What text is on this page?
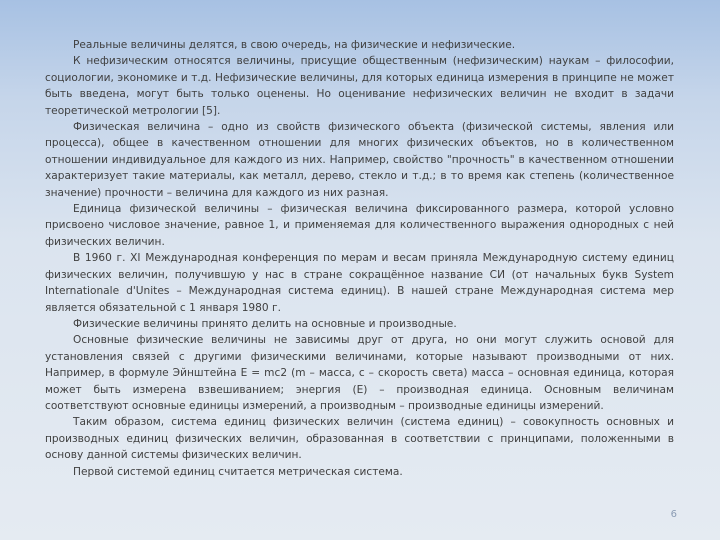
Реальные величины делятся, в свою очередь, на физические и нефизические.

К нефизическим относятся величины, присущие общественным (нефизическим) наукам – философии, социологии, экономике и т.д. Нефизические величины, для которых единица измерения в принципе не может быть введена, могут быть только оценены. Но оценивание нефизических величин не входит в задачи теоретической метрологии [5].

Физическая величина – одно из свойств физического объекта (физической системы, явления или процесса), общее в качественном отношении для многих физических объектов, но в количественном отношении индивидуальное для каждого из них. Например, свойство "прочность" в качественном отношении характеризует такие материалы, как металл, дерево, стекло и т.д.; в то время как степень (количественное значение) прочности – величина для каждого из них разная.

Единица физической величины – физическая величина фиксированного размера, которой условно присвоено числовое значение, равное 1, и применяемая для количественного выражения однородных с ней физических величин.

В 1960 г. XI Международная конференция по мерам и весам приняла Международную систему единиц физических величин, получившую у нас в стране сокращённое название СИ (от начальных букв System Internationale d'Unites – Международная система единиц). В нашей стране Международная система мер является обязательной с 1 января 1980 г.

Физические величины принято делить на основные и производные.

Основные физические величины не зависимы друг от друга, но они могут служить основой для установления связей с другими физическими величинами, которые называют производными от них. Например, в формуле Эйнштейна E = mc2 (m – масса, c – скорость света) масса – основная единица, которая может быть измерена взвешиванием; энергия (E) – производная единица. Основным величинам соответствуют основные единицы измерений, а производным – производные единицы измерений.

Таким образом, система единиц физических величин (система единиц) – совокупность основных и производных единиц физических величин, образованная в соответствии с принципами, положенными в основу данной системы физических величин.

Первой системой единиц считается метрическая система.

6
